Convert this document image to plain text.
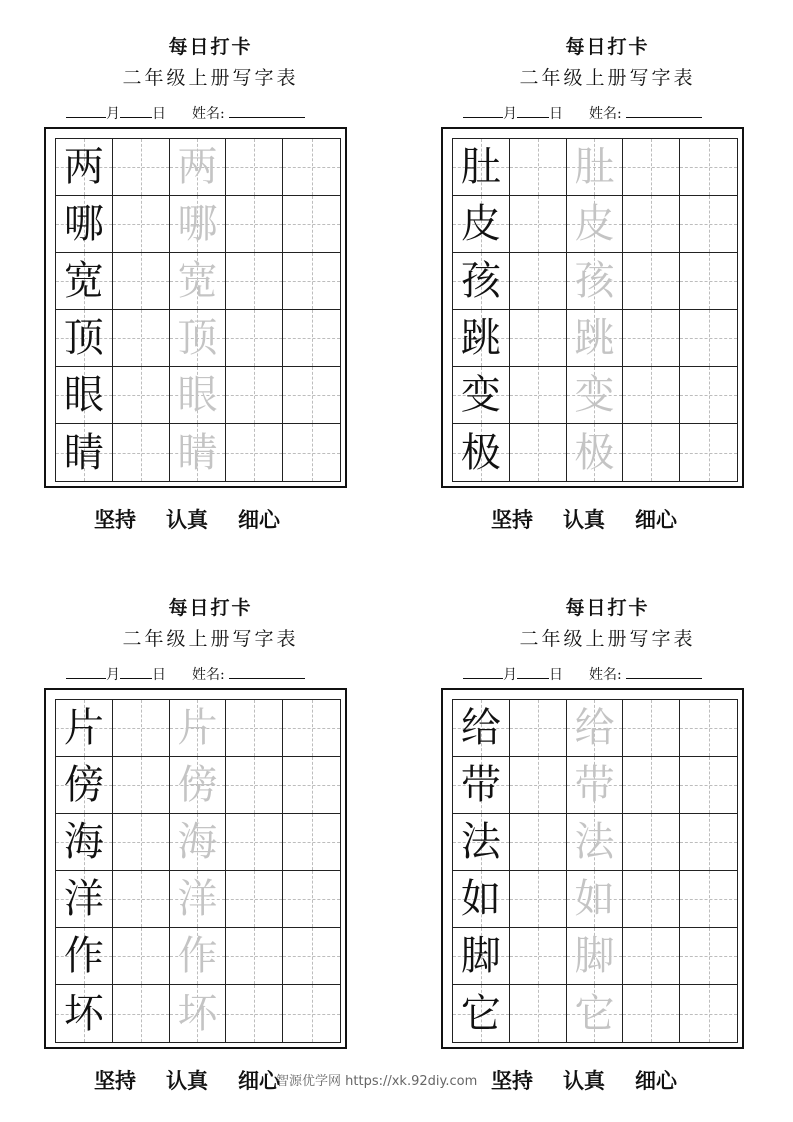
每日打卡
二年级上册写字表
月 日 姓名:
两 两
哪 哪
宽 宽
顶 顶
眼 眼
睛 睛
坚持 认真 细心
每日打卡
二年级上册写字表
月 日 姓名:
肚 肚
皮 皮
孩 孩
跳 跳
变 变
极 极
坚持 认真 细心
每日打卡
二年级上册写字表
月 日 姓名:
片 片
傍 傍
海 海
洋 洋
作 作
坏 坏
坚持 认真 细心
每日打卡
二年级上册写字表
月 日 姓名:
给 给
带 带
法 法
如 如
脚 脚
它 它
坚持 认真 细心
智源优学网 https://xk.92diy.com
